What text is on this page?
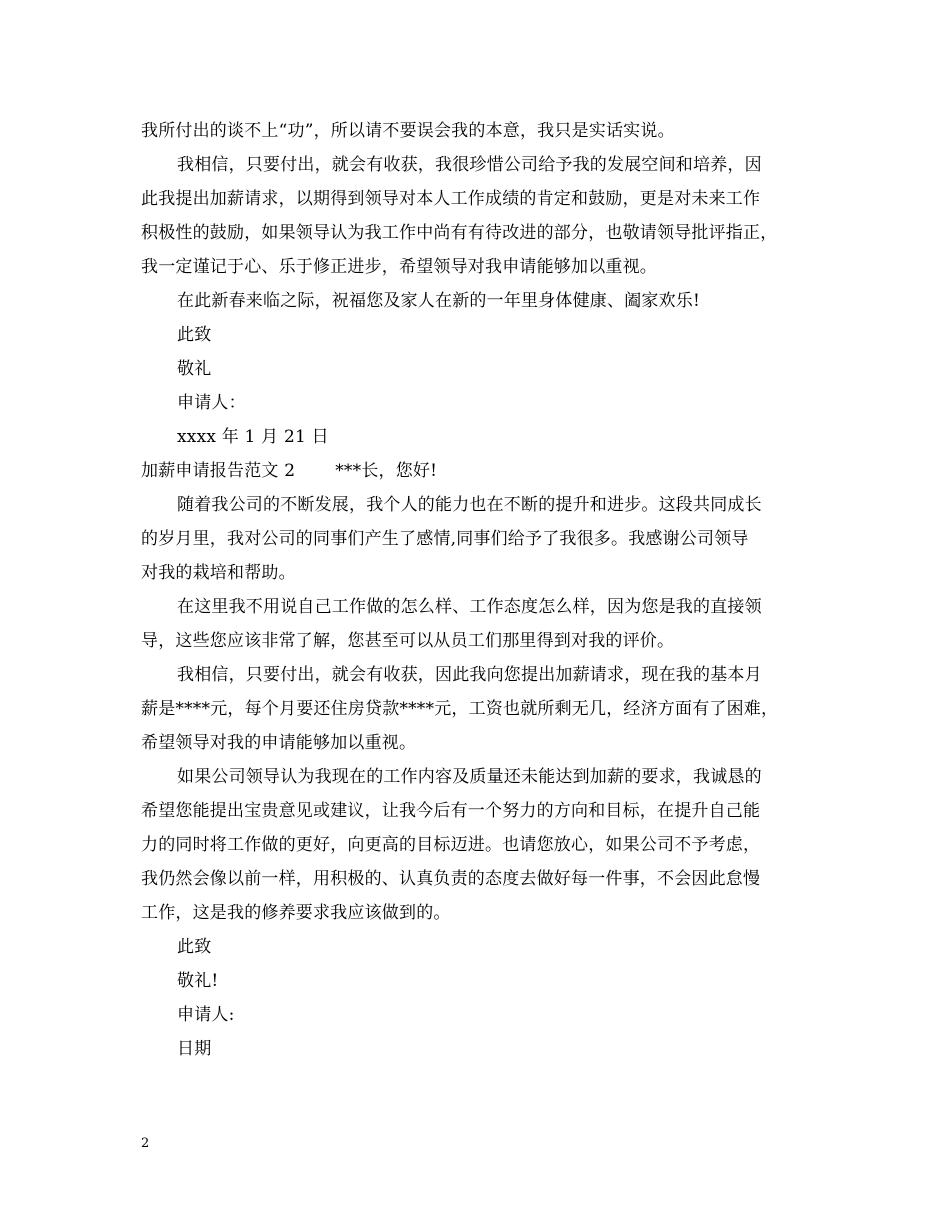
我所付出的谈不上“功”，所以请不要误会我的本意，我只是实话实说。
我相信，只要付出，就会有收获，我很珍惜公司给予我的发展空间和培养，因
此我提出加薪请求，以期得到领导对本人工作成绩的肯定和鼓励，更是对未来工作
积极性的鼓励，如果领导认为我工作中尚有有待改进的部分，也敬请领导批评指正，
我一定谨记于心、乐于修正进步，希望领导对我申请能够加以重视。
在此新春来临之际，祝福您及家人在新的一年里身体健康、阖家欢乐!
此致
敬礼
申请人：
xxxx 年 1 月 21 日
加薪申请报告范文 2 ***长，您好!
随着我公司的不断发展，我个人的能力也在不断的提升和进步。这段共同成长
的岁月里，我对公司的同事们产生了感情,同事们给予了我很多。我感谢公司领导
对我的栽培和帮助。
在这里我不用说自己工作做的怎么样、工作态度怎么样，因为您是我的直接领
导，这些您应该非常了解，您甚至可以从员工们那里得到对我的评价。
我相信，只要付出，就会有收获，因此我向您提出加薪请求，现在我的基本月
薪是****元，每个月要还住房贷款****元，工资也就所剩无几，经济方面有了困难，
希望领导对我的申请能够加以重视。
如果公司领导认为我现在的工作内容及质量还未能达到加薪的要求，我诚恳的
希望您能提出宝贵意见或建议，让我今后有一个努力的方向和目标，在提升自己能
力的同时将工作做的更好，向更高的目标迈进。也请您放心，如果公司不予考虑，
我仍然会像以前一样，用积极的、认真负责的态度去做好每一件事，不会因此怠慢
工作，这是我的修养要求我应该做到的。
此致
敬礼!
申请人:
日期
2
